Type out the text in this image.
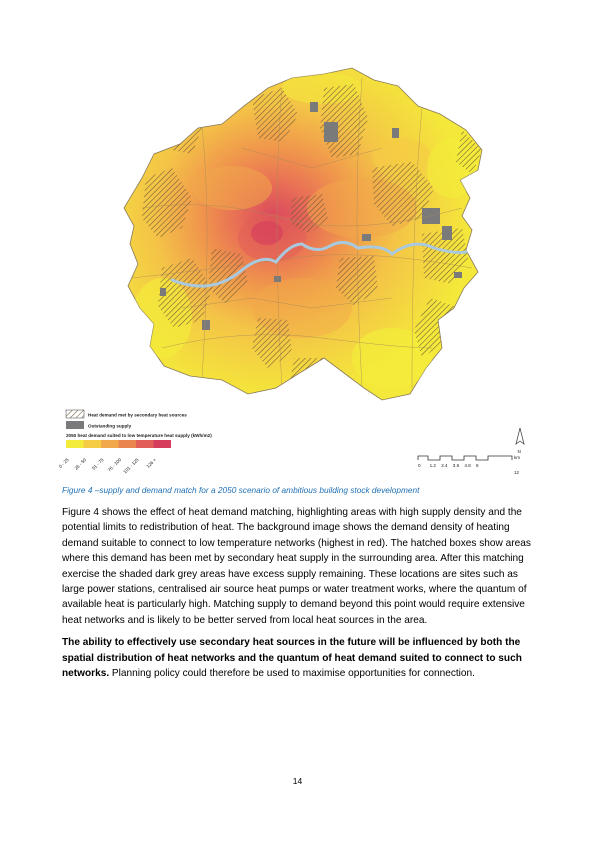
Heat demand met by secondary heat sources
Outstanding supply
2050 heat demand suited to low temperature heat supply (kWh/m2)
0 - 25 26 - 50 51 - 75 76 - 100 101 - 125 126 +
N
0 1.2 2.4 3.6 4.8 6
km
12
Figure 4 –supply and demand match for a 2050 scenario of ambitious building stock development

Figure 4 shows the effect of heat demand matching, highlighting areas with high supply density and the potential limits to redistribution of heat. The background image shows the demand density of heating demand suitable to connect to low temperature networks (highest in red). The hatched boxes show areas where this demand has been met by secondary heat supply in the surrounding area. After this matching exercise the shaded dark grey areas have excess supply remaining. These locations are sites such as large power stations, centralised air source heat pumps or water treatment works, where the quantum of available heat is particularly high. Matching supply to demand beyond this point would require extensive heat networks and is likely to be better served from local heat sources in the area.

The ability to effectively use secondary heat sources in the future will be influenced by both the spatial distribution of heat networks and the quantum of heat demand suited to connect to such networks. Planning policy could therefore be used to maximise opportunities for connection.

14
